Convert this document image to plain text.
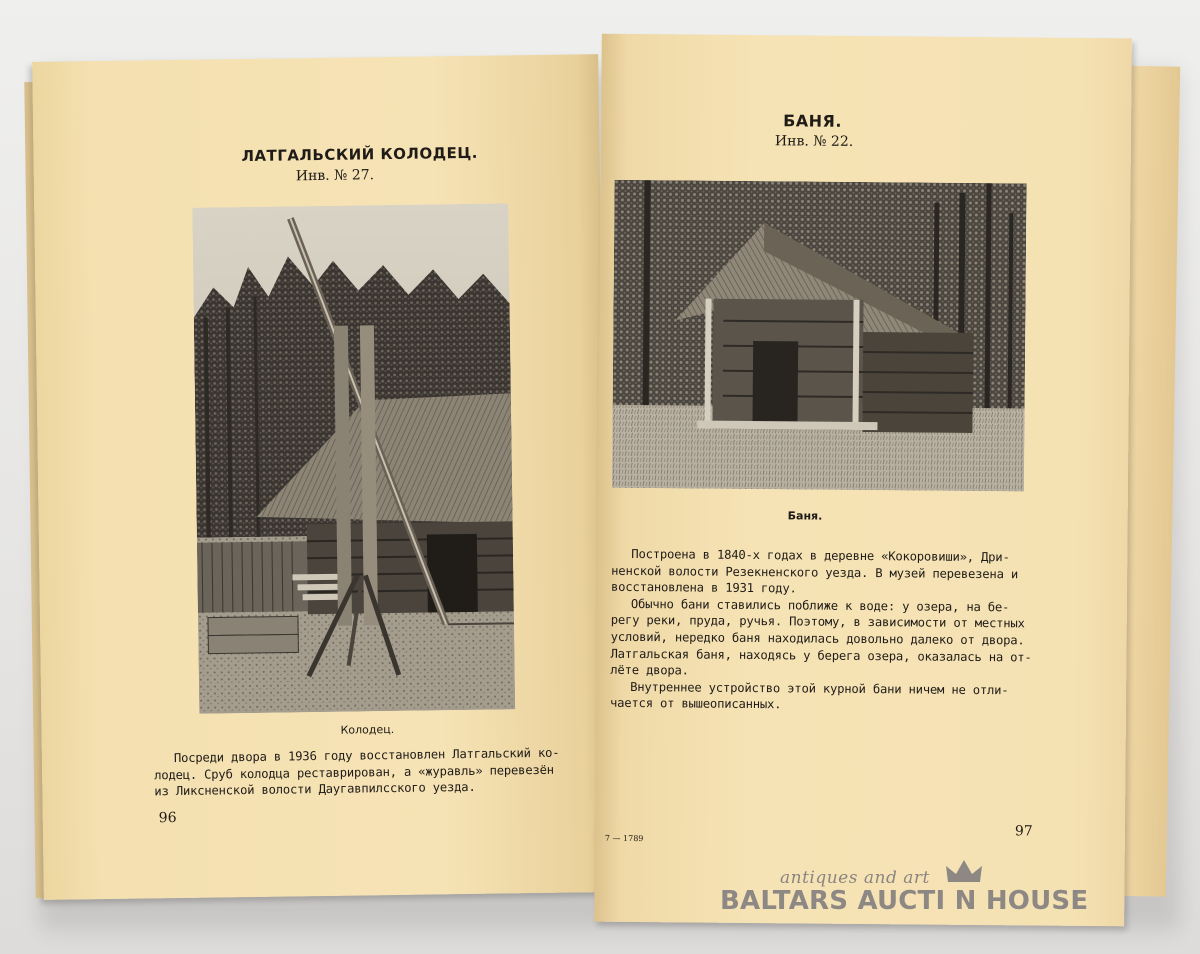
ЛАТГАЛЬСКИЙ КОЛОДЕЦ.
Инв. № 27.
Колодец.
Посреди двора в 1936 году восстановлен Латгальский ко-
лодец. Сруб колодца реставрирован, а «журавль» перевезён
из Ликсненской волости Даугавпилсского уезда.
96
БАНЯ.
Инв. № 22.
Баня.
Построена в 1840-х годах в деревне «Кокоровиши», Дри-
ненской волости Резекненского уезда. В музей перевезена и
восстановлена в 1931 году.
Обычно бани ставились поближе к воде: у озера, на бе-
регу реки, пруда, ручья. Поэтому, в зависимости от местных
условий, нередко баня находилась довольно далеко от двора.
Латгальская баня, находясь у берега озера, оказалась на от-
лёте двора.
Внутреннее устройство этой курной бани ничем не отли-
чается от вышеописанных.
7 — 1789	97
antiques and art
BALTARS AUCTI N HOUSE
